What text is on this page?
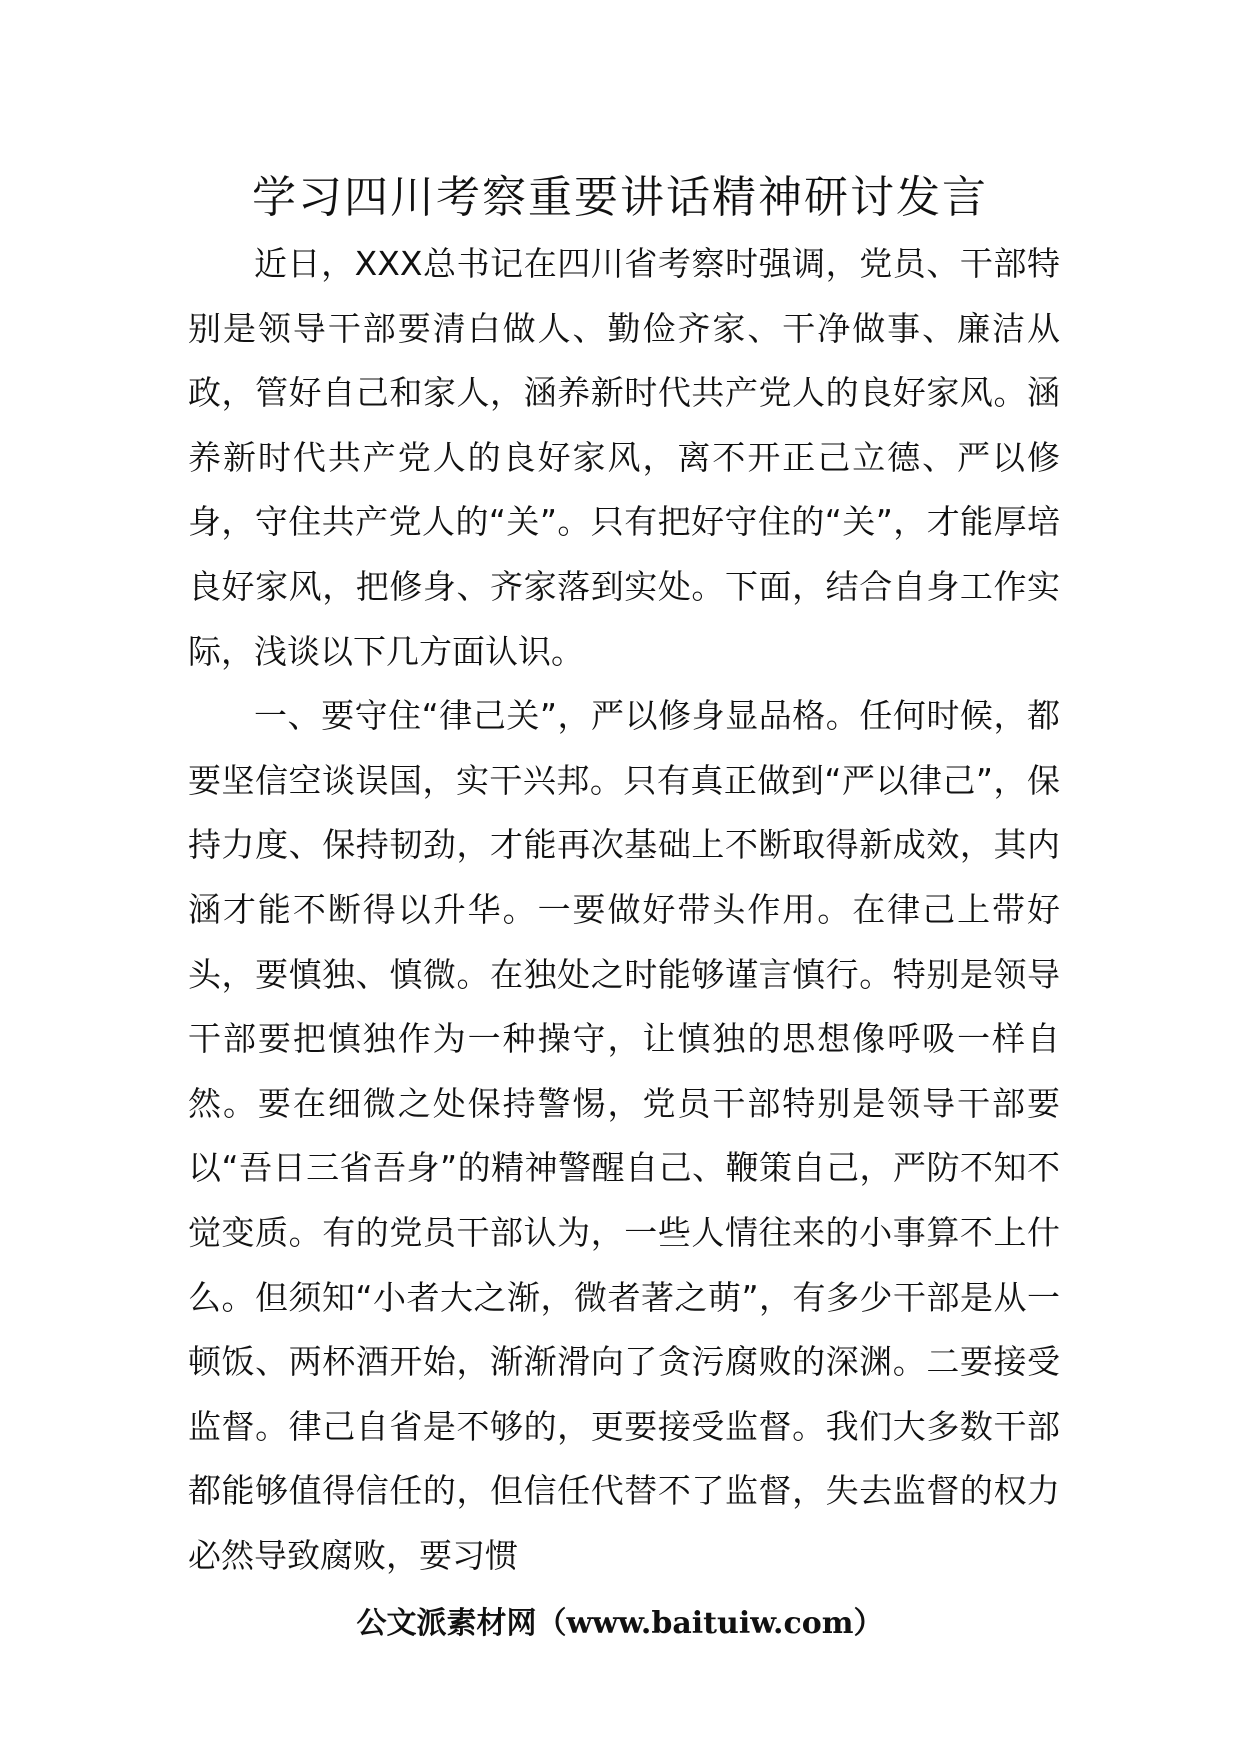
学习四川考察重要讲话精神研讨发言

近日，XXX总书记在四川省考察时强调，党员、干部特别是领导干部要清白做人、勤俭齐家、干净做事、廉洁从政，管好自己和家人，涵养新时代共产党人的良好家风。涵养新时代共产党人的良好家风，离不开正己立德、严以修身，守住共产党人的“关”。只有把好守住的“关”，才能厚培良好家风，把修身、齐家落到实处。下面，结合自身工作实际，浅谈以下几方面认识。

一、要守住“律己关”，严以修身显品格。任何时候，都要坚信空谈误国，实干兴邦。只有真正做到“严以律己”，保持力度、保持韧劲，才能再次基础上不断取得新成效，其内涵才能不断得以升华。一要做好带头作用。在律己上带好头，要慎独、慎微。在独处之时能够谨言慎行。特别是领导干部要把慎独作为一种操守，让慎独的思想像呼吸一样自然。要在细微之处保持警惕，党员干部特别是领导干部要以“吾日三省吾身”的精神警醒自己、鞭策自己，严防不知不觉变质。有的党员干部认为，一些人情往来的小事算不上什么。但须知“小者大之渐，微者著之萌”，有多少干部是从一顿饭、两杯酒开始，渐渐滑向了贪污腐败的深渊。二要接受监督。律己自省是不够的，更要接受监督。我们大多数干部都能够值得信任的，但信任代替不了监督，失去监督的权力必然导致腐败，要习惯

公文派素材网（www.baituiw.com）
